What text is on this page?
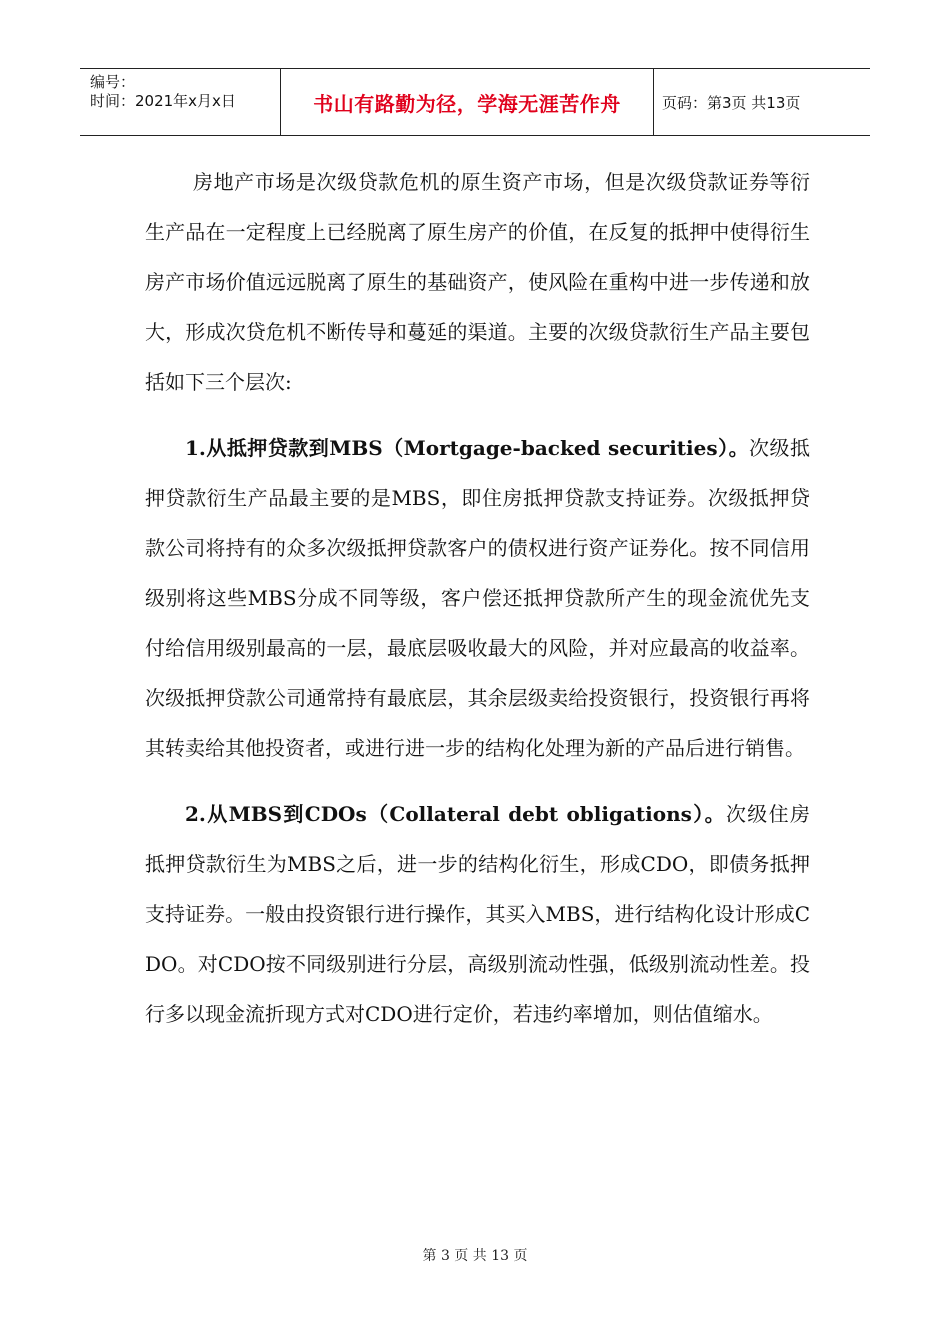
编号：
时间：2021年x月x日	书山有路勤为径，学海无涯苦作舟	页码：第3页 共13页

房地产市场是次级贷款危机的原生资产市场，但是次级贷款证券等衍生产品在一定程度上已经脱离了原生房产的价值，在反复的抵押中使得衍生房产市场价值远远脱离了原生的基础资产，使风险在重构中进一步传递和放大，形成次贷危机不断传导和蔓延的渠道。主要的次级贷款衍生产品主要包括如下三个层次:

1.从抵押贷款到MBS（Mortgage-backed securities）。次级抵押贷款衍生产品最主要的是MBS，即住房抵押贷款支持证券。次级抵押贷款公司将持有的众多次级抵押贷款客户的债权进行资产证券化。按不同信用级别将这些MBS分成不同等级，客户偿还抵押贷款所产生的现金流优先支付给信用级别最高的一层，最底层吸收最大的风险，并对应最高的收益率。次级抵押贷款公司通常持有最底层，其余层级卖给投资银行，投资银行再将其转卖给其他投资者，或进行进一步的结构化处理为新的产品后进行销售。

2.从MBS到CDOs（Collateral debt obligations）。次级住房抵押贷款衍生为MBS之后，进一步的结构化衍生，形成CDO，即债务抵押支持证券。一般由投资银行进行操作，其买入MBS，进行结构化设计形成CDO。对CDO按不同级别进行分层，高级别流动性强，低级别流动性差。投行多以现金流折现方式对CDO进行定价，若违约率增加，则估值缩水。

第 3 页 共 13 页
